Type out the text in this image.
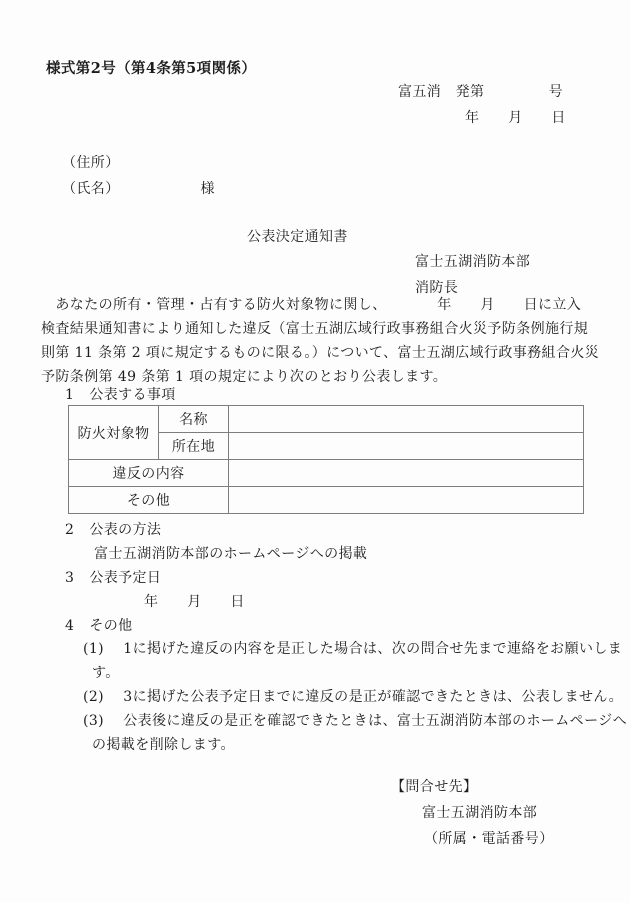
様式第2号（第4条第5項関係）
富五消　発第	号
年　　月　　日
（住所）
（氏名）	様
公表決定通知書
富士五湖消防本部
消防長
　あなたの所有・管理・占有する防火対象物に関し、　　　　年　　月　　日に立入
検査結果通知書により通知した違反（富士五湖広域行政事務組合火災予防条例施行規
則第 11 条第 2 項に規定するものに限る。）について、富士五湖広域行政事務組合火災
予防条例第 49 条第 1 項の規定により次のとおり公表します。
1 公表する事項
防火対象物	名称	
	所在地	
違反の内容		
その他		
2 公表の方法
富士五湖消防本部のホームページへの掲載
3 公表予定日
年　　月　　日
4 その他
(1)　 1に掲げた違反の内容を是正した場合は、次の問合せ先まで連絡をお願いしま
す。
(2)　 3に掲げた公表予定日までに違反の是正が確認できたときは、公表しません。
(3)　 公表後に違反の是正を確認できたときは、富士五湖消防本部のホームページへ
の掲載を削除します。
【問合せ先】
富士五湖消防本部
（所属・電話番号）
